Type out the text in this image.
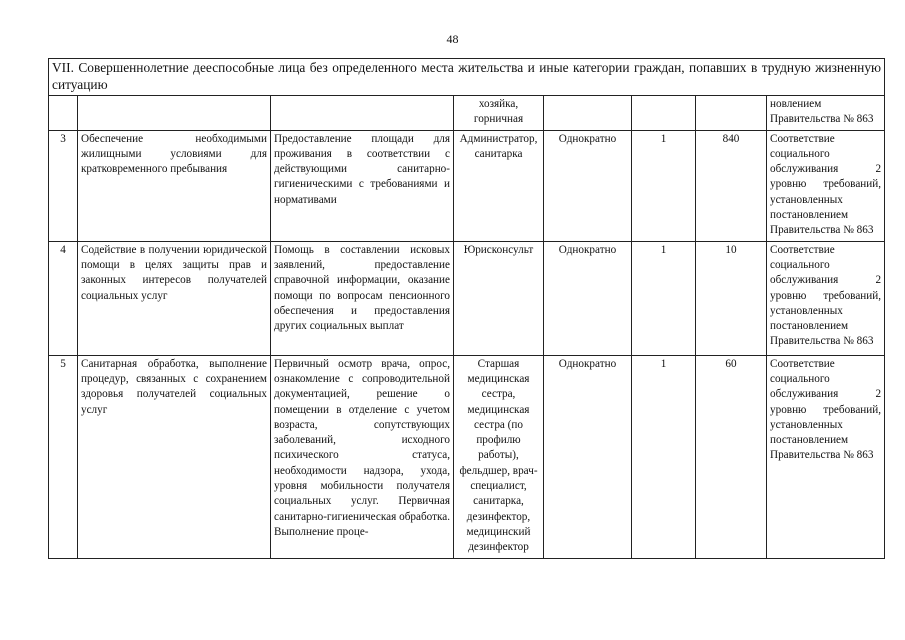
48
VII. Совершеннолетние дееспособные лица без определенного места жительства и иные категории граждан, попавших в трудную жизненную ситуацию							
			хозяйка, горничная				новлением Правительства № 863
3	Обеспечение необходимыми жилищными условиями для кратковременного пребывания	Предоставление площади для проживания в соответствии с действующими санитарно-гигиеническими с требованиями и нормативами	Администратор, санитарка	Однократно	1	840	Соответствие социального обслуживания 2 уровню требований, установленных постановлением Правительства № 863
4	Содействие в получении юридической помощи в целях защиты прав и законных интересов получателей социальных услуг	Помощь в составлении исковых заявлений, предоставление справочной информации, оказание помощи по вопросам пенсионного обеспечения и предоставления других социальных выплат	Юрисконсульт	Однократно	1	10	Соответствие социального обслуживания 2 уровню требований, установленных постановлением Правительства № 863
5	Санитарная обработка, выполнение процедур, связанных с сохранением здоровья получателей социальных услуг	Первичный осмотр врача, опрос, ознакомление с сопроводительной документацией, решение о помещении в отделение с учетом возраста, сопутствующих заболеваний, исходного психического статуса, необходимости надзора, ухода, уровня мобильности получателя социальных услуг. Первичная санитарно-гигиеническая обработка. Выполнение проце-	Старшая медицинская сестра, медицинская сестра (по профилю работы), фельдшер, врач-специалист, санитарка, дезинфектор, медицинский дезинфектор	Однократно	1	60	Соответствие социального обслуживания 2 уровню требований, установленных постановлением Правительства № 863
